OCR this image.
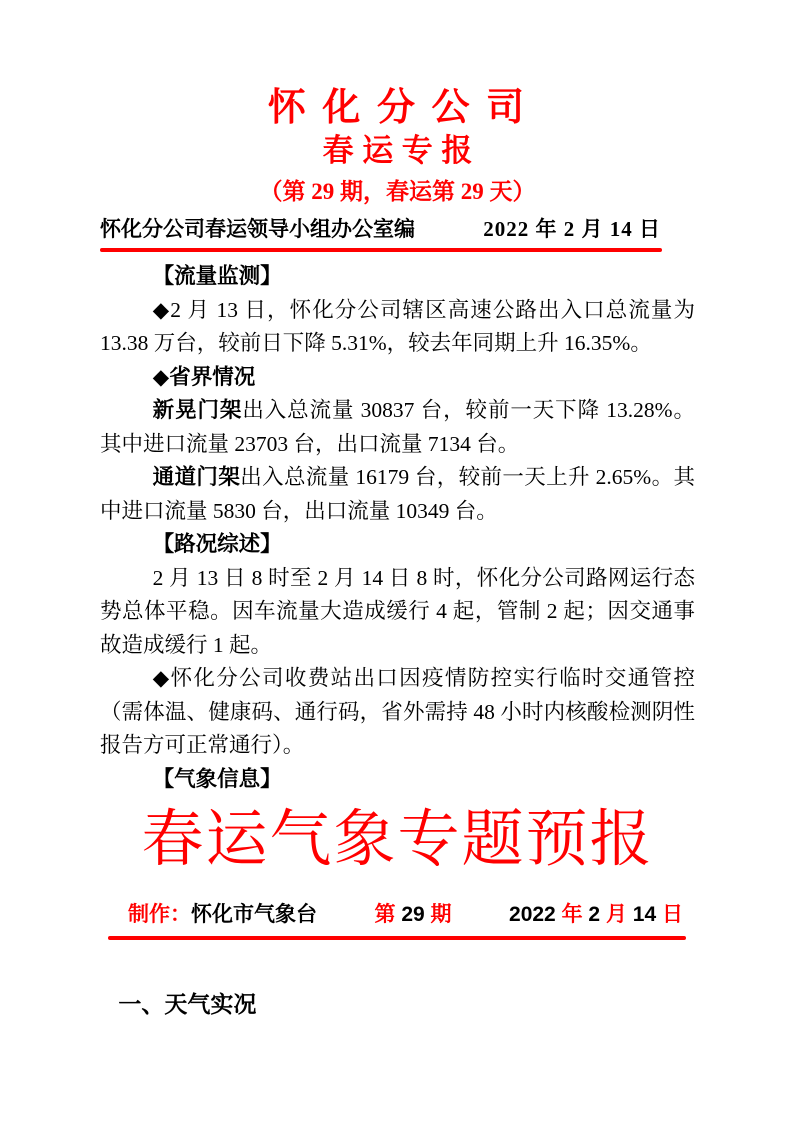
怀 化 分 公 司
春 运 专 报
（第 29 期，春运第 29 天）
怀化分公司春运领导小组办公室编	2022 年 2 月 14 日

【流量监测】

◆2 月 13 日，怀化分公司辖区高速公路出入口总流量为 13.38 万台，较前日下降 5.31%，较去年同期上升 16.35%。

◆省界情况

新晃门架出入总流量 30837 台，较前一天下降 13.28%。其中进口流量 23703 台，出口流量 7134 台。

通道门架出入总流量 16179 台，较前一天上升 2.65%。其中进口流量 5830 台，出口流量 10349 台。

【路况综述】

2 月 13 日 8 时至 2 月 14 日 8 时，怀化分公司路网运行态势总体平稳。因车流量大造成缓行 4 起，管制 2 起；因交通事故造成缓行 1 起。

◆怀化分公司收费站出口因疫情防控实行临时交通管控（需体温、健康码、通行码，省外需持 48 小时内核酸检测阴性报告方可正常通行）。

【气象信息】

春运气象专题预报
制作：怀化市气象台	第 29 期	2022 年 2 月 14 日
一、天气实况
